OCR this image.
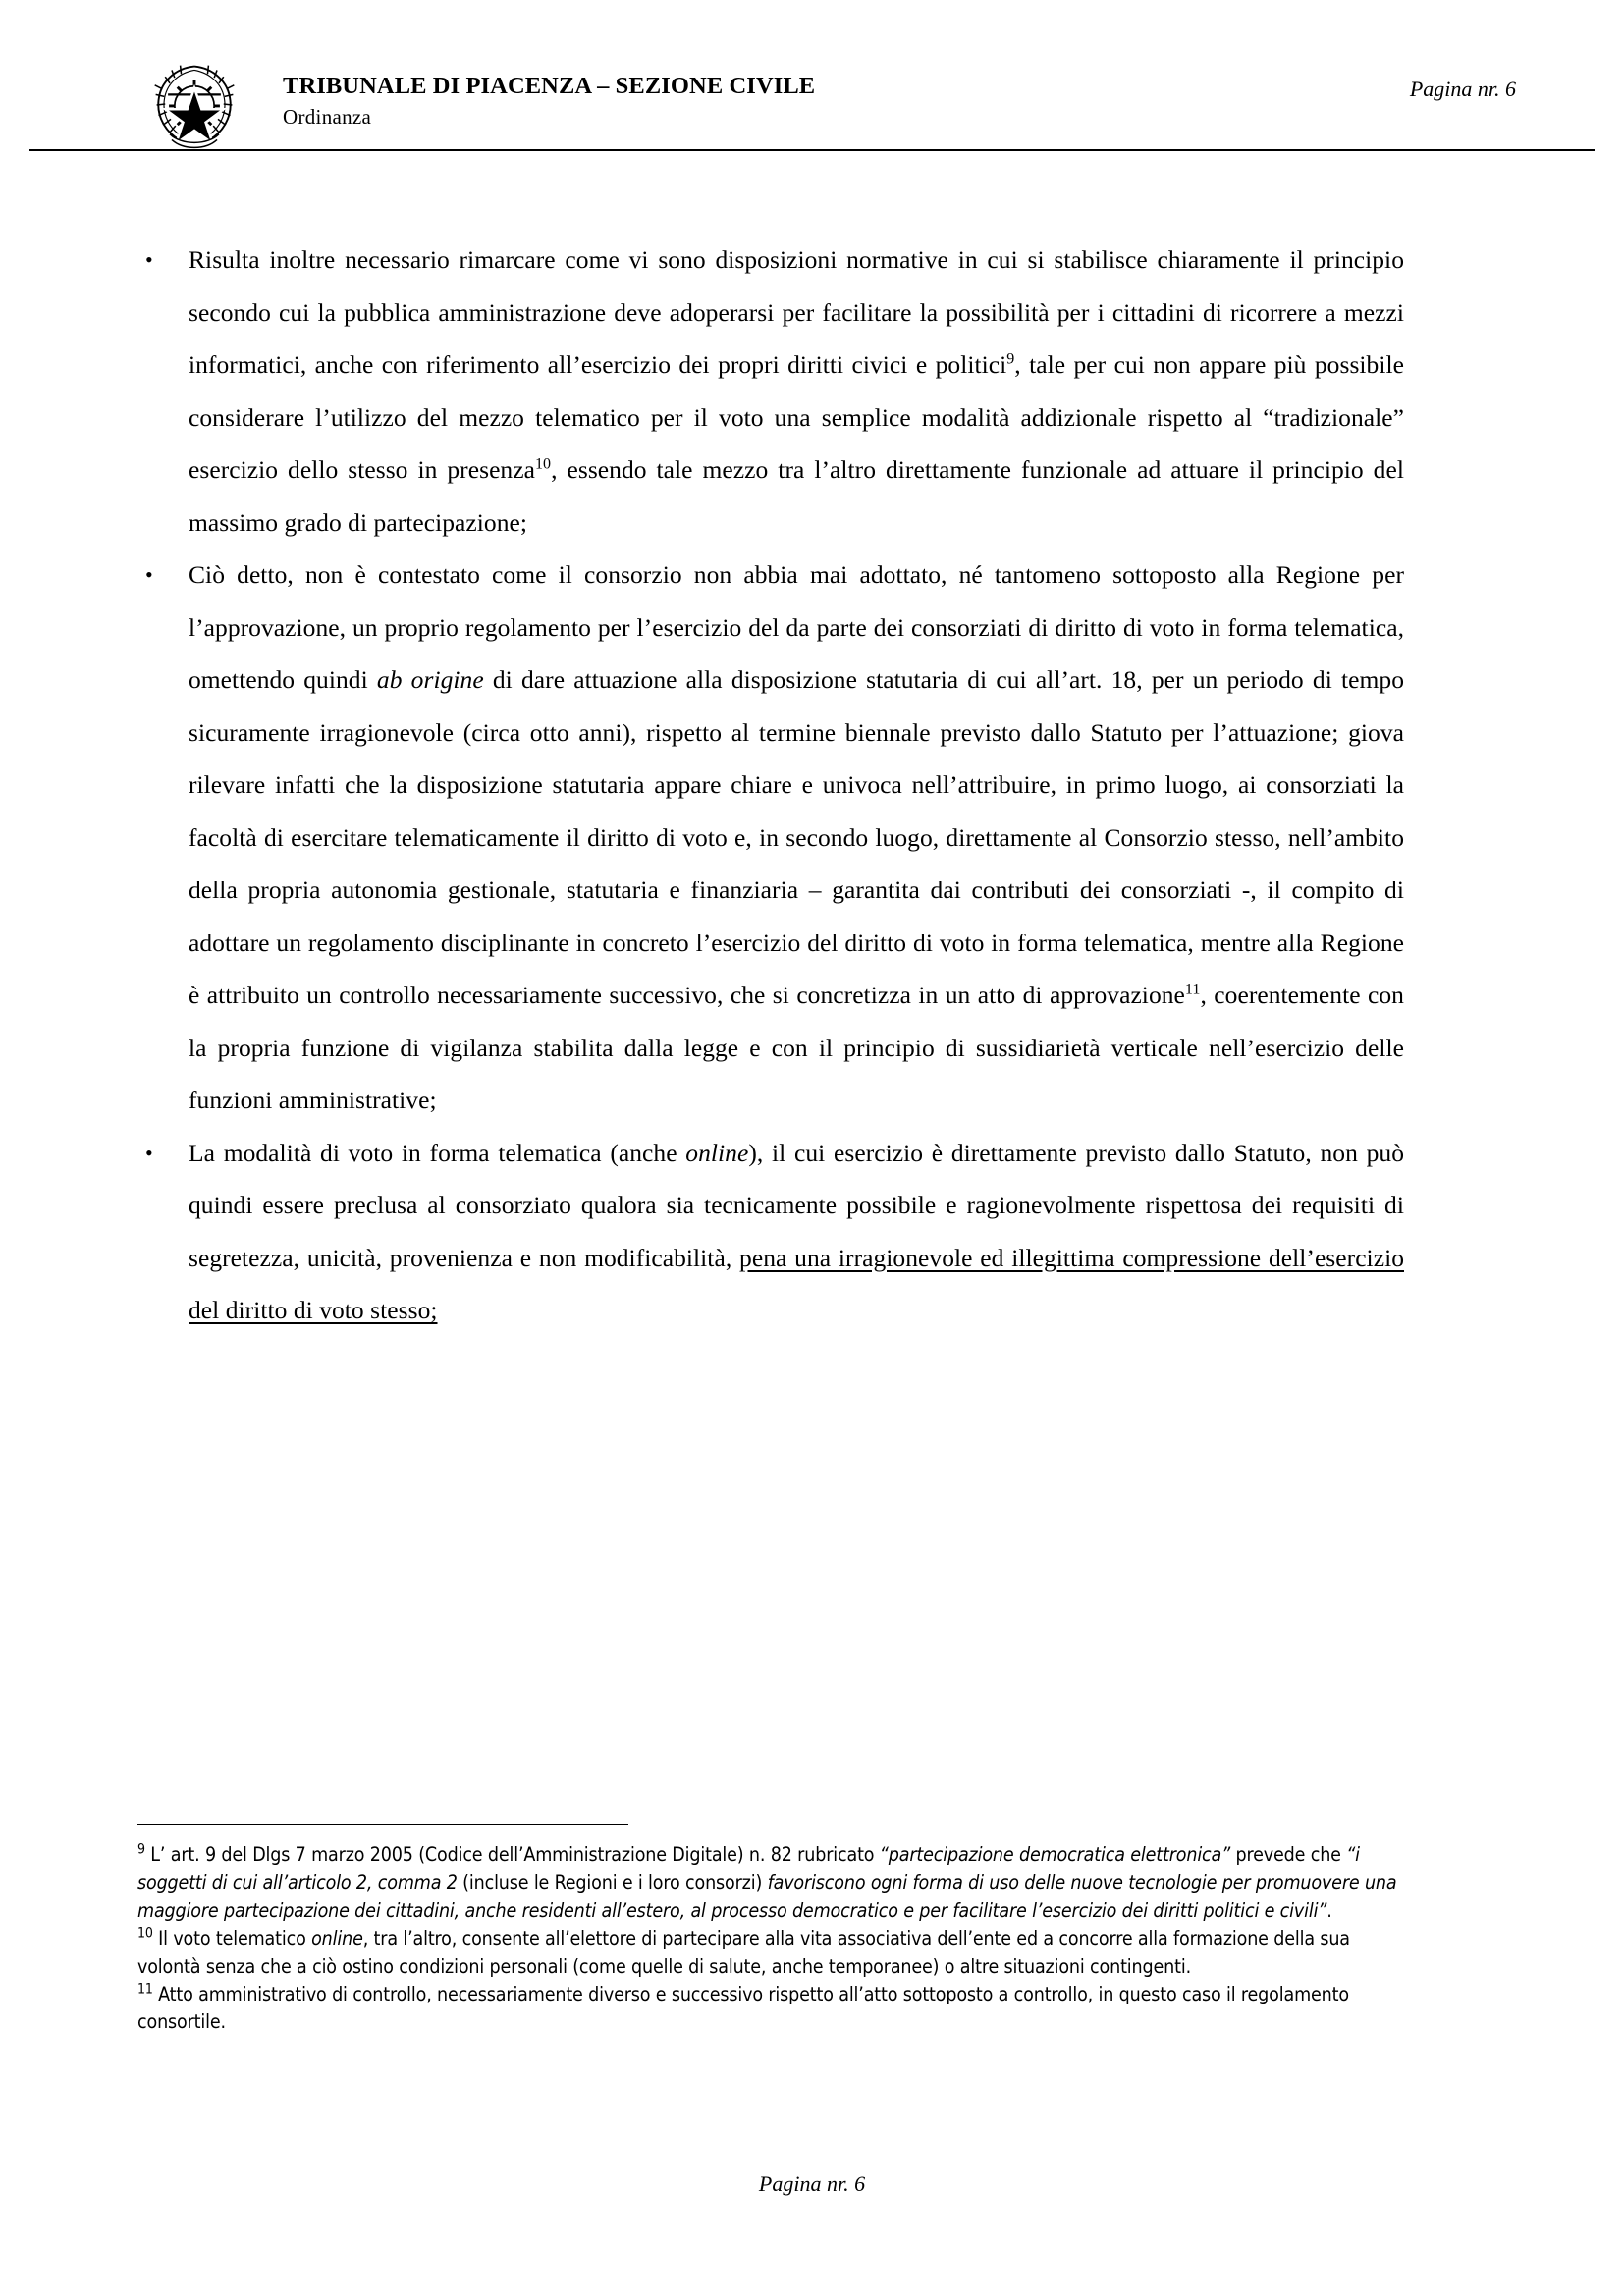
TRIBUNALE DI PIACENZA – SEZIONE CIVILE
Ordinanza
Pagina nr. 6
• Risulta inoltre necessario rimarcare come vi sono disposizioni normative in cui si stabilisce chiaramente il principio secondo cui la pubblica amministrazione deve adoperarsi per facilitare la possibilità per i cittadini di ricorrere a mezzi informatici, anche con riferimento all’esercizio dei propri diritti civici e politici$^9$, tale per cui non appare più possibile considerare l’utilizzo del mezzo telematico per il voto una semplice modalità addizionale rispetto al “tradizionale” esercizio dello stesso in presenza$^{10}$, essendo tale mezzo tra l’altro direttamente funzionale ad attuare il principio del massimo grado di partecipazione;
• Ciò detto, non è contestato come il consorzio non abbia mai adottato, né tantomeno sottoposto alla Regione per l’approvazione, un proprio regolamento per l’esercizio del da parte dei consorziati di diritto di voto in forma telematica, omettendo quindi ab origine di dare attuazione alla disposizione statutaria di cui all’art. 18, per un periodo di tempo sicuramente irragionevole (circa otto anni), rispetto al termine biennale previsto dallo Statuto per l’attuazione; giova rilevare infatti che la disposizione statutaria appare chiare e univoca nell’attribuire, in primo luogo, ai consorziati la facoltà di esercitare telematicamente il diritto di voto e, in secondo luogo, direttamente al Consorzio stesso, nell’ambito della propria autonomia gestionale, statutaria e finanziaria – garantita dai contributi dei consorziati -, il compito di adottare un regolamento disciplinante in concreto l’esercizio del diritto di voto in forma telematica, mentre alla Regione è attribuito un controllo necessariamente successivo, che si concretizza in un atto di approvazione$^{11}$, coerentemente con la propria funzione di vigilanza stabilita dalla legge e con il principio di sussidiarietà verticale nell’esercizio delle funzioni amministrative;
• La modalità di voto in forma telematica (anche online), il cui esercizio è direttamente previsto dallo Statuto, non può quindi essere preclusa al consorziato qualora sia tecnicamente possibile e ragionevolmente rispettosa dei requisiti di segretezza, unicità, provenienza e non modificabilità, pena una irragionevole ed illegittima compressione dell’esercizio del diritto di voto stesso;

$^9$ L’ art. 9 del Dlgs 7 marzo 2005 (Codice dell’Amministrazione Digitale) n. 82 rubricato “partecipazione democratica elettronica” prevede che “i soggetti di cui all’articolo 2, comma 2 (incluse le Regioni e i loro consorzi) favoriscono ogni forma di uso delle nuove tecnologie per promuovere una maggiore partecipazione dei cittadini, anche residenti all’estero, al processo democratico e per facilitare l’esercizio dei diritti politici e civili”.

$^{10}$ Il voto telematico online, tra l’altro, consente all’elettore di partecipare alla vita associativa dell’ente ed a concorre alla formazione della sua volontà senza che a ciò ostino condizioni personali (come quelle di salute, anche temporanee) o altre situazioni contingenti.

$^{11}$ Atto amministrativo di controllo, necessariamente diverso e successivo rispetto all’atto sottoposto a controllo, in questo caso il regolamento consortile.

Pagina nr. 6
